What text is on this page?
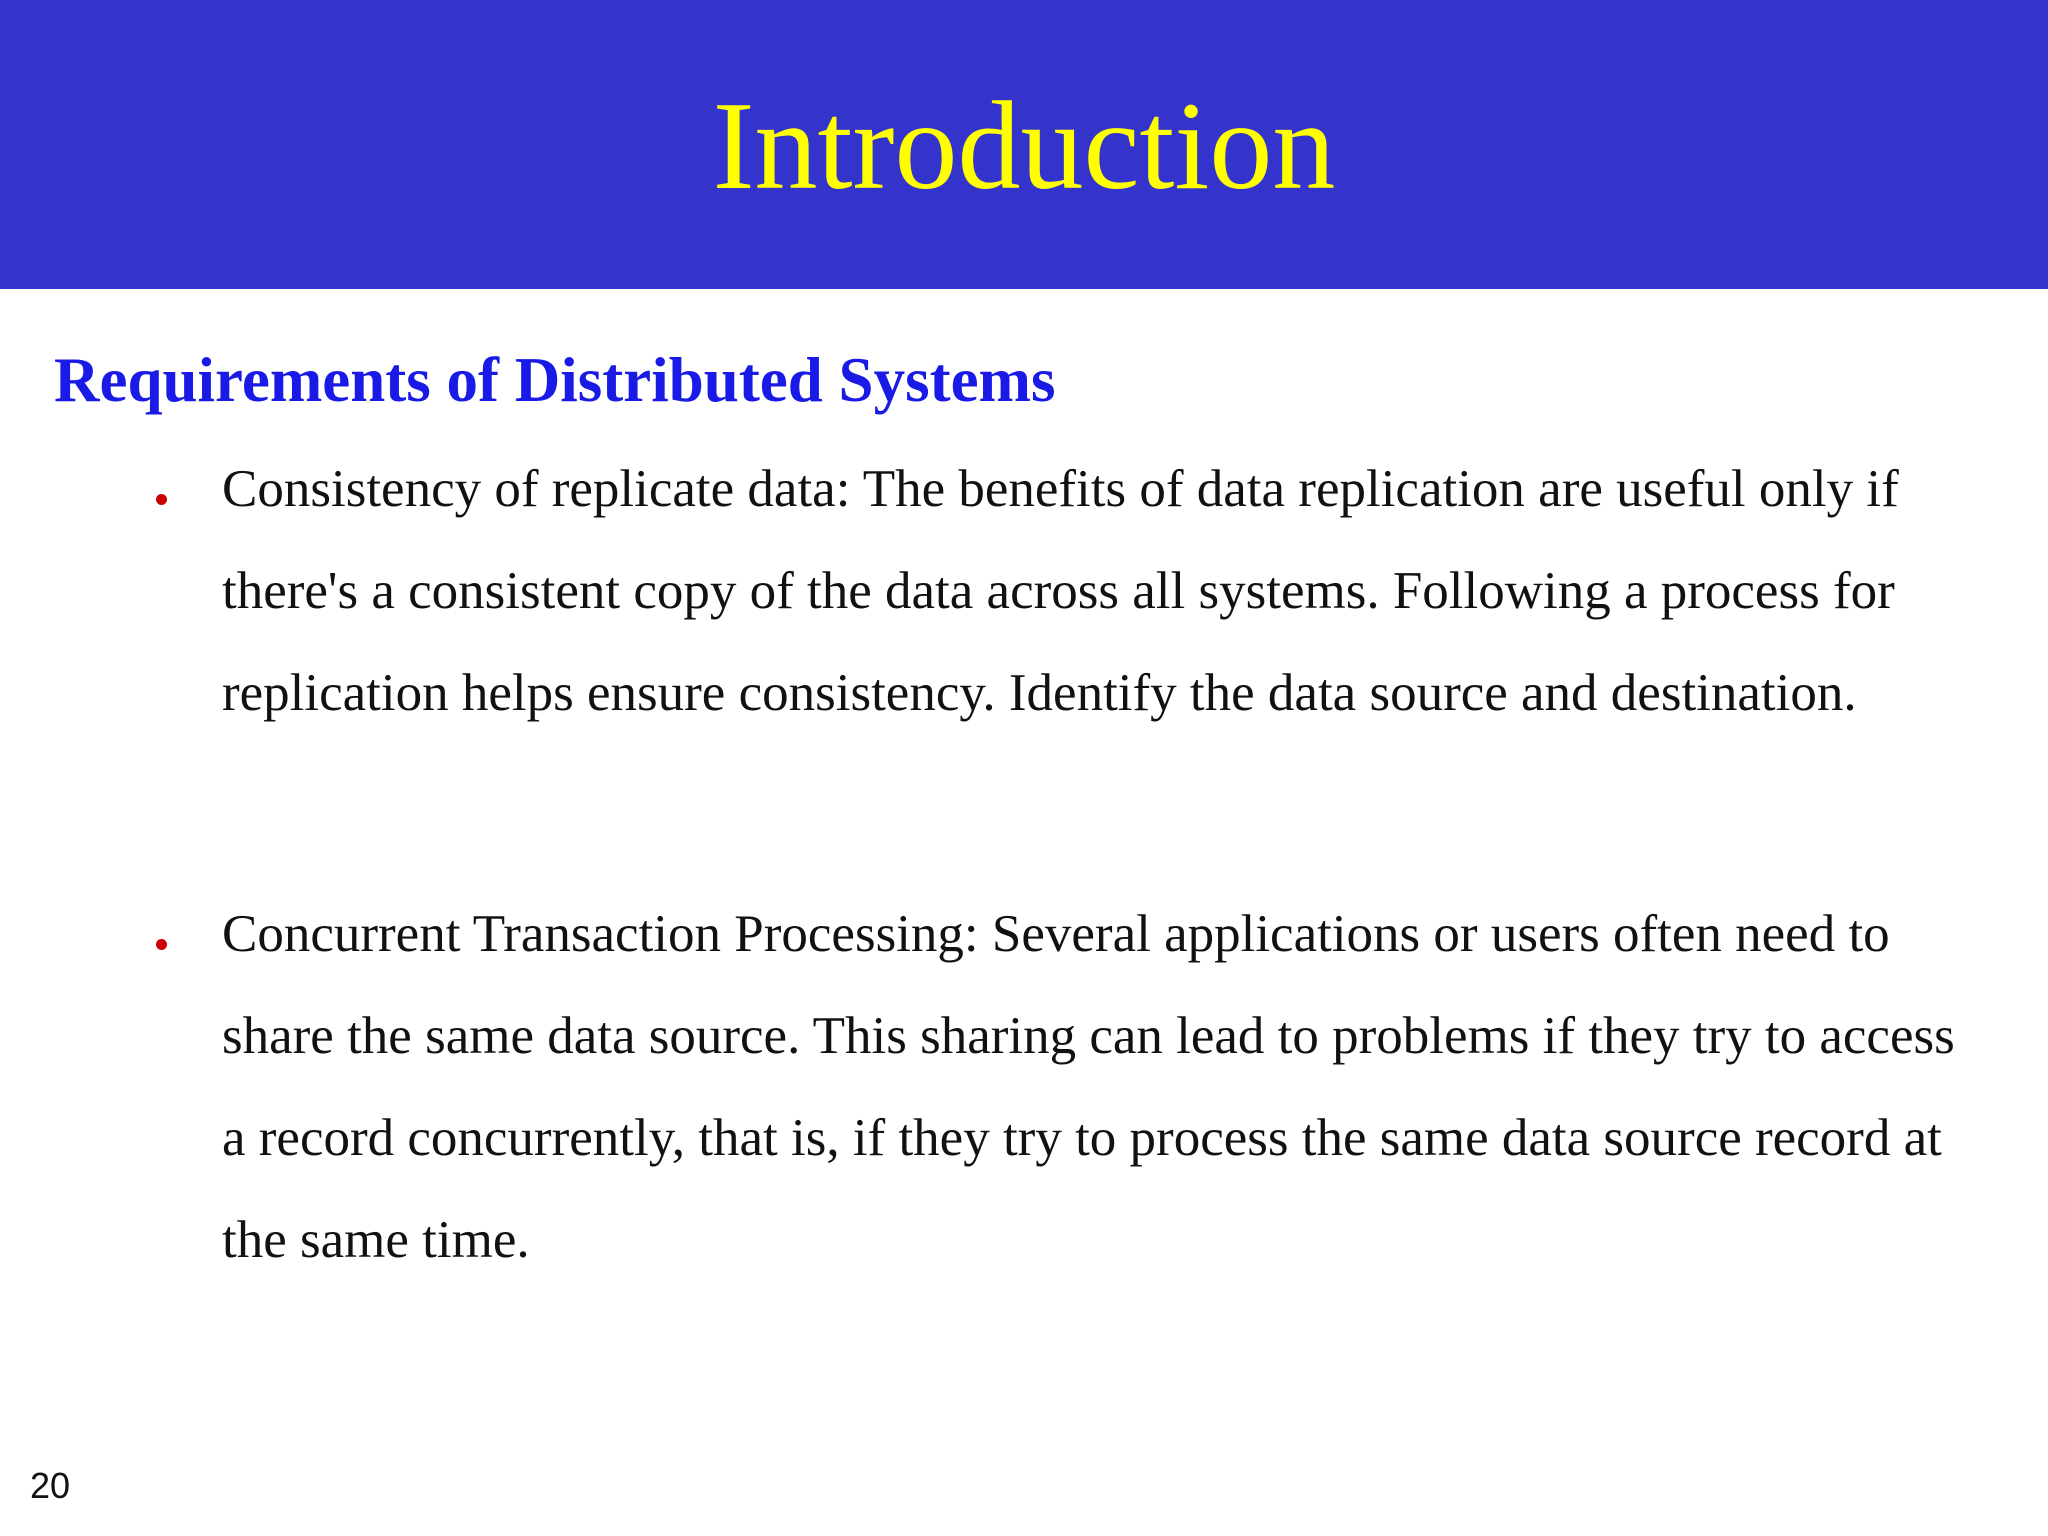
Introduction
Requirements of Distributed Systems
Consistency of replicate data: The benefits of data replication are useful only if there's a consistent copy of the data across all systems. Following a process for replication helps ensure consistency. Identify the data source and destination.
Concurrent Transaction Processing: Several applications or users often need to share the same data source. This sharing can lead to problems if they try to access a record concurrently, that is, if they try to process the same data source record at the same time.
20
